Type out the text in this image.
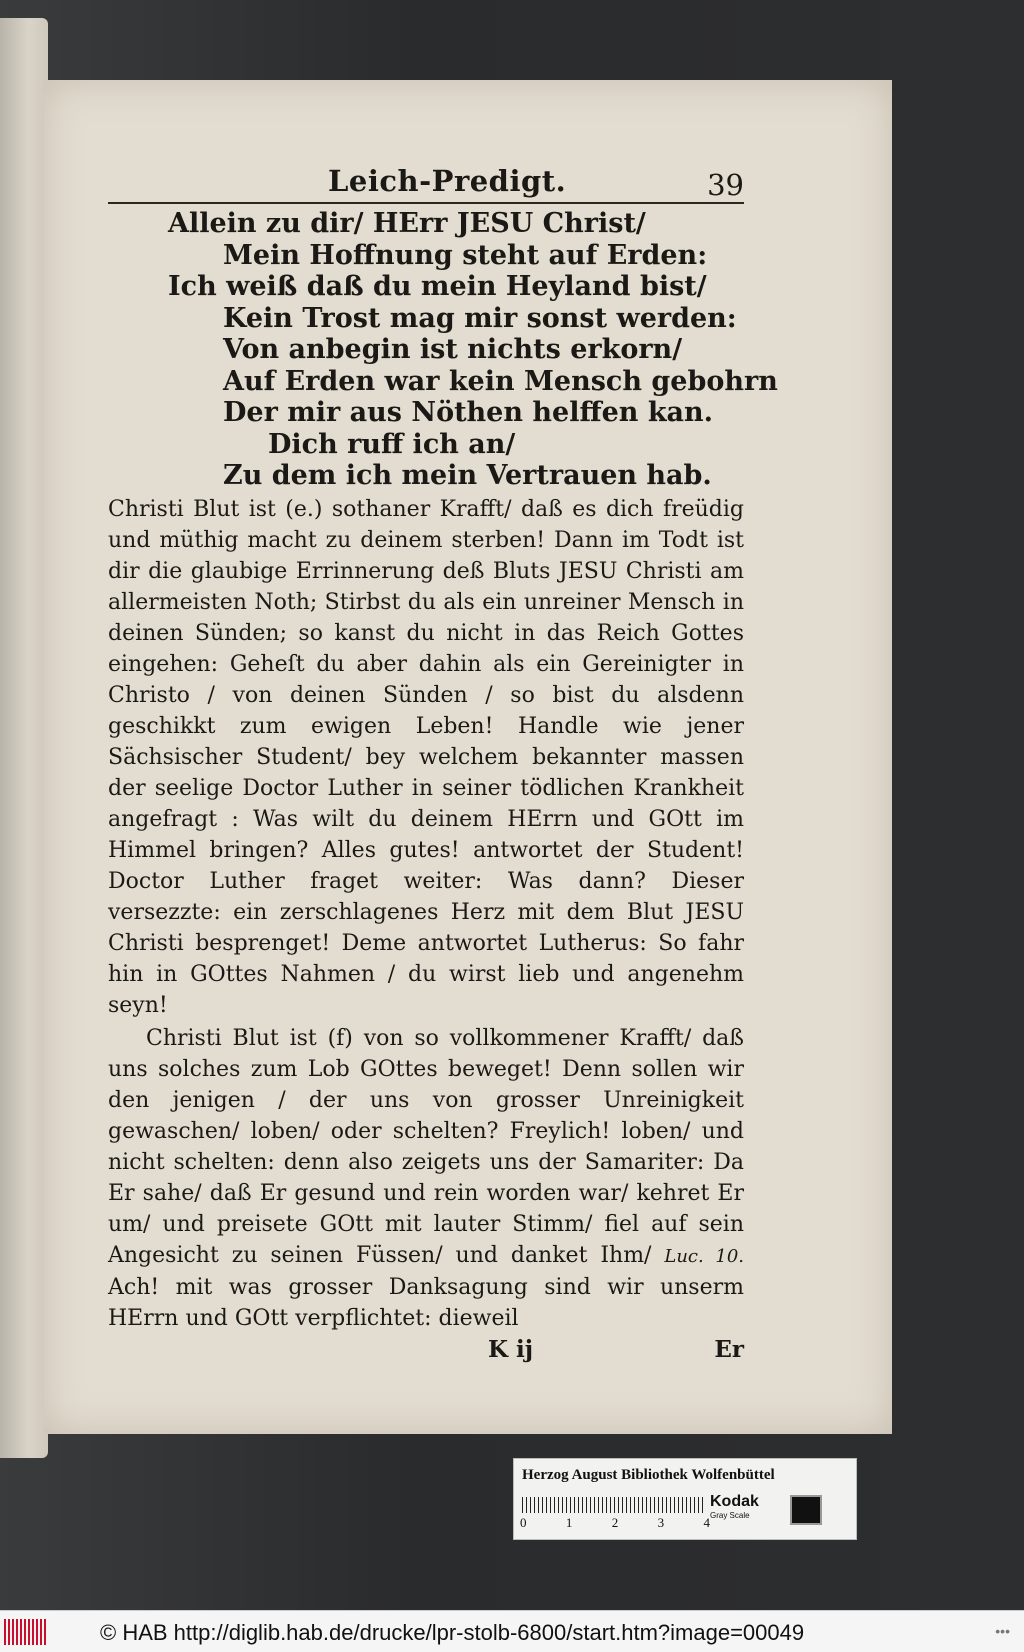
Leich-Predigt.	39
Allein zu dir/ HErr JESU Christ/
Mein Hoffnung steht auf Erden:
Ich weiß daß du mein Heyland bist/
Kein Trost mag mir sonst werden:
Von anbegin ist nichts erkorn/
Auf Erden war kein Mensch gebohrn
Der mir aus Nöthen helffen kan.
Dich ruff ich an/
Zu dem ich mein Vertrauen hab.

Christi Blut ist (e.) sothaner Krafft/ daß es dich freüdig und müthig macht zu deinem sterben! Dann im Todt ist dir die glaubige Errinnerung deß Bluts JESU Christi am allermeisten Noth; Stirbst du als ein unreiner Mensch in deinen Sünden; so kanst du nicht in das Reich Gottes eingehen: Geheſt du aber dahin als ein Gereinigter in Christo / von deinen Sünden / so bist du alsdenn geschikkt zum ewigen Leben! Handle wie jener Sächsischer Student/ bey welchem bekannter massen der seelige Doctor Luther in seiner tödlichen Krankheit angefragt : Was wilt du deinem HErrn und GOtt im Himmel bringen? Alles gutes! antwortet der Student! Doctor Luther fraget weiter: Was dann? Dieser versezzte: ein zerschlagenes Herz mit dem Blut JESU Christi besprenget! Deme antwortet Lutherus: So fahr hin in GOttes Nahmen / du wirst lieb und angenehm seyn!

Christi Blut ist (f) von so vollkommener Krafft/ daß uns solches zum Lob GOttes beweget! Denn sollen wir den jenigen / der uns von grosser Unreinigkeit gewaschen/ loben/ oder schelten? Freylich! loben/ und nicht schelten: denn also zeigets uns der Samariter: Da Er sahe/ daß Er gesund und rein worden war/ kehret Er um/ und preisete GOtt mit lauter Stimm/ fiel auf sein Angesicht zu seinen Füssen/ und danket Ihm/ Luc. 10. Ach! mit was grosser Danksagung sind wir unserm HErrn und GOtt verpflichtet: dieweil

K ij	Er
Herzog August Bibliothek Wolfenbüttel
0	1	2	3	4
Kodak
Gray Scale
© HAB http://diglib.hab.de/drucke/lpr-stolb-6800/start.htm?image=00049	•••
